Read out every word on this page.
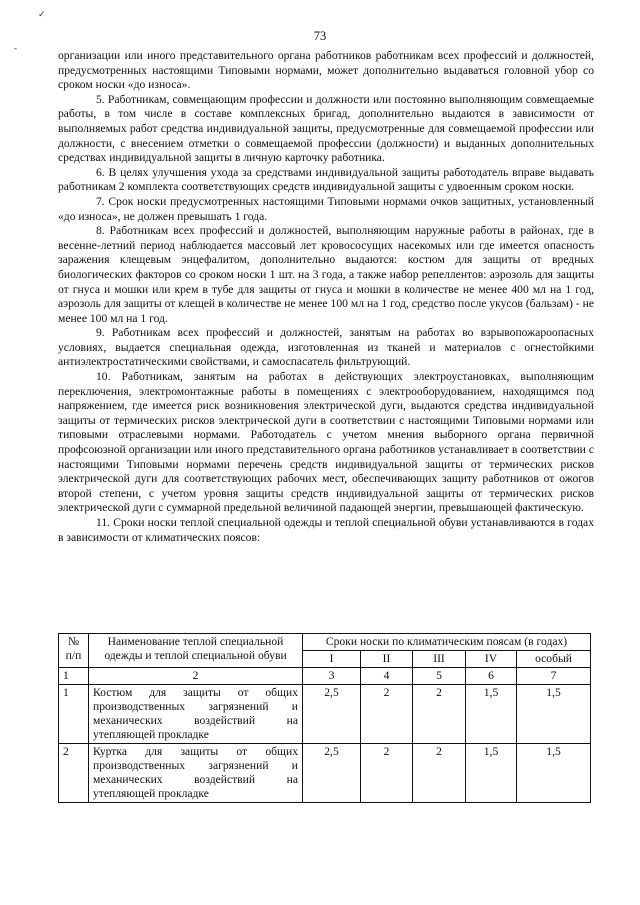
✓
-
73

организации или иного представительного органа работников работникам всех профессий и должностей, предусмотренных настоящими Типовыми нормами, может дополнительно выдаваться головной убор со сроком носки «до износа».

5. Работникам, совмещающим профессии и должности или постоянно выполняющим совмещаемые работы, в том числе в составе комплексных бригад, дополнительно выдаются в зависимости от выполняемых работ средства индивидуальной защиты, предусмотренные для совмещаемой профессии или должности, с внесением отметки о совмещаемой профессии (должности) и выданных дополнительных средствах индивидуальной защиты в личную карточку работника.

6. В целях улучшения ухода за средствами индивидуальной защиты работодатель вправе выдавать работникам 2 комплекта соответствующих средств индивидуальной защиты с удвоенным сроком носки.

7. Срок носки предусмотренных настоящими Типовыми нормами очков защитных, установленный «до износа», не должен превышать 1 года.

8. Работникам всех профессий и должностей, выполняющим наружные работы в районах, где в весенне-летний период наблюдается массовый лет кровососущих насекомых или где имеется опасность заражения клещевым энцефалитом, дополнительно выдаются: костюм для защиты от вредных биологических факторов со сроком носки 1 шт. на 3 года, а также набор репеллентов: аэрозоль для защиты от гнуса и мошки или крем в тубе для защиты от гнуса и мошки в количестве не менее 400 мл на 1 год, аэрозоль для защиты от клещей в количестве не менее 100 мл на 1 год, средство после укусов (бальзам) - не менее 100 мл на 1 год.

9. Работникам всех профессий и должностей, занятым на работах во взрывопожароопасных условиях, выдается специальная одежда, изготовленная из тканей и материалов с огнестойкими антиэлектростатическими свойствами, и самоспасатель фильтрующий.

10. Работникам, занятым на работах в действующих электроустановках, выполняющим переключения, электромонтажные работы в помещениях с электрооборудованием, находящимся под напряжением, где имеется риск возникновения электрической дуги, выдаются средства индивидуальной защиты от термических рисков электрической дуги в соответствии с настоящими Типовыми нормами или типовыми отраслевыми нормами. Работодатель с учетом мнения выборного органа первичной профсоюзной организации или иного представительного органа работников устанавливает в соответствии с настоящими Типовыми нормами перечень средств индивидуальной защиты от термических рисков электрической дуги для соответствующих рабочих мест, обеспечивающих защиту работников от ожогов второй степени, с учетом уровня защиты средств индивидуальной защиты от термических рисков электрической дуги с суммарной предельной величиной падающей энергии, превышающей фактическую.

11. Сроки носки теплой специальной одежды и теплой специальной обуви устанавливаются в годах в зависимости от климатических поясов:

№
п/п	Наименование теплой специальной одежды и теплой специальной обуви	Сроки носки по климатическим поясам (в годах)				
		I	II	III	IV	особый
1	2	3	4	5	6	7
1	Костюм для защиты от общих производственных загрязнений и механических воздействий на утепляющей прокладке	2,5	2	2	1,5	1,5
2	Куртка для защиты от общих производственных загрязнений и механических воздействий на утепляющей прокладке	2,5	2	2	1,5	1,5
